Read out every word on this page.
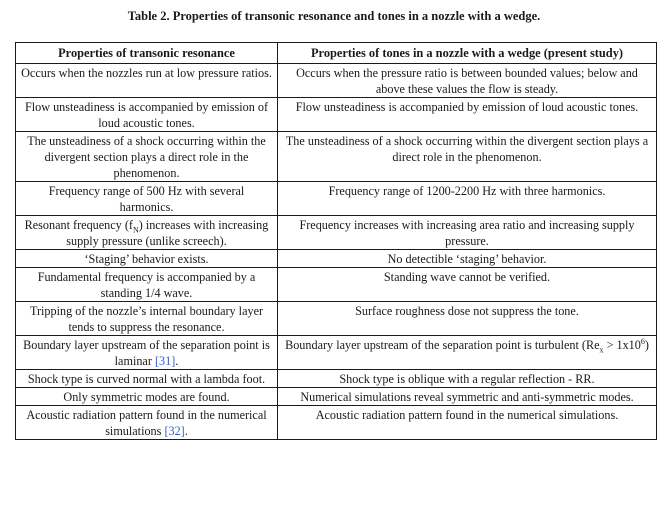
Table 2. Properties of transonic resonance and tones in a nozzle with a wedge.
Properties of transonic resonance	Properties of tones in a nozzle with a wedge (present study)
Occurs when the nozzles run at low pressure ratios.	Occurs when the pressure ratio is between bounded values; below and above these values the flow is steady.
Flow unsteadiness is accompanied by emission of loud acoustic tones.	Flow unsteadiness is accompanied by emission of loud acoustic tones.
The unsteadiness of a shock occurring within the divergent section plays a direct role in the phenomenon.	The unsteadiness of a shock occurring within the divergent section plays a direct role in the phenomenon.
Frequency range of 500 Hz with several harmonics.	Frequency range of 1200-2200 Hz with three harmonics.
Resonant frequency $(f_N)$ increases with increasing supply pressure (unlike screech).	Frequency increases with increasing area ratio and increasing supply pressure.
‘Staging’ behavior exists.	No detectible ‘staging’ behavior.
Fundamental frequency is accompanied by a standing 1/4 wave.	Standing wave cannot be verified.
Tripping of the nozzle’s internal boundary layer tends to suppress the resonance.	Surface roughness dose not suppress the tone.
Boundary layer upstream of the separation point is laminar [31].	Boundary layer upstream of the separation point is turbulent $(Re_x > 1x10^6)$
Shock type is curved normal with a lambda foot.	Shock type is oblique with a regular reflection - RR.
Only symmetric modes are found.	Numerical simulations reveal symmetric and anti-symmetric modes.
Acoustic radiation pattern found in the numerical simulations [32].	Acoustic radiation pattern found in the numerical simulations.
